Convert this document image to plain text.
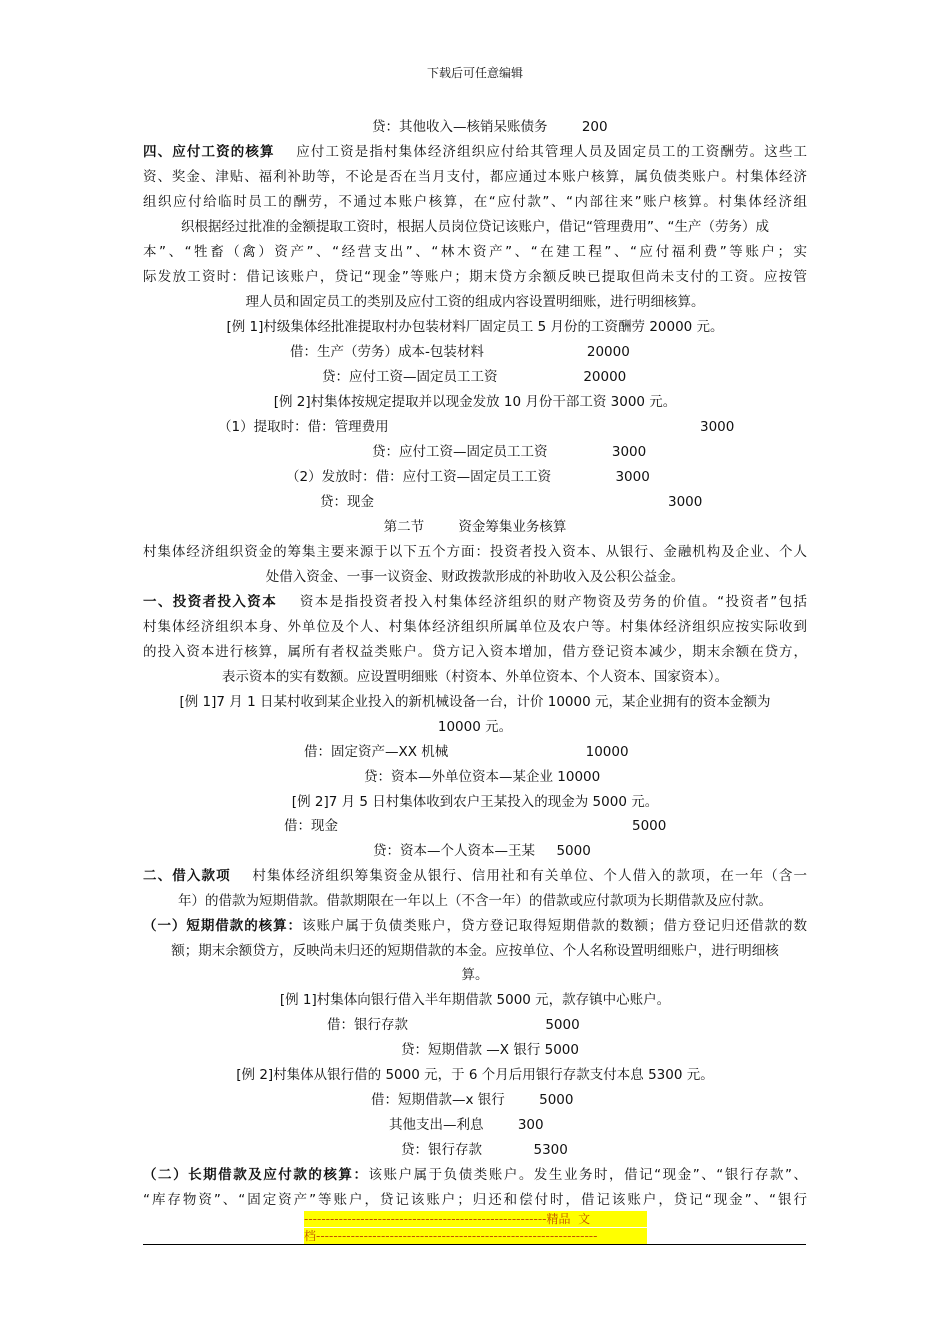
下载后可任意编辑
贷：其他收入—核销呆账债务        200
四、应付工资的核算    应付工资是指村集体经济组织应付给其管理人员及固定员工的工资酬劳。这些工
资、奖金、津贴、福利补助等，不论是否在当月支付，都应通过本账户核算，属负债类账户。村集体经济
组织应付给临时员工的酬劳，不通过本账户核算，在“应付款”、“内部往来”账户核算。村集体经济组
织根据经过批准的金额提取工资时，根据人员岗位贷记该账户，借记“管理费用”、“生产（劳务）成
本”、“牲畜（禽）资产”、“经营支出”、“林木资产”、“在建工程”、“应付福利费”等账户；实
际发放工资时：借记该账户，贷记“现金”等账户；期末贷方余额反映已提取但尚未支付的工资。应按管
理人员和固定员工的类别及应付工资的组成内容设置明细账，进行明细核算。
[例 1]村级集体经批准提取村办包装材料厂固定员工 5 月份的工资酬劳 20000 元。
借：生产（劳务）成本-包装材料                        20000
贷：应付工资—固定员工工资                    20000
[例 2]村集体按规定提取并以现金发放 10 月份干部工资 3000 元。
（1）提取时：借：管理费用
贷：应付工资—固定员工工资               3000
（2）发放时：借：应付工资—固定员工工资               3000
贷：现金
第二节        资金筹集业务核算
村集体经济组织资金的筹集主要来源于以下五个方面：投资者投入资本、从银行、金融机构及企业、个人
处借入资金、一事一议资金、财政拨款形成的补助收入及公积公益金。
一、投资者投入资本    资本是指投资者投入村集体经济组织的财产物资及劳务的价值。“投资者”包括
村集体经济组织本身、外单位及个人、村集体经济组织所属单位及农户等。村集体经济组织应按实际收到
的投入资本进行核算，属所有者权益类账户。贷方记入资本增加，借方登记资本减少，期末余额在贷方，
表示资本的实有数额。应设置明细账（村资本、外单位资本、个人资本、国家资本）。
[例 1]7 月 1 日某村收到某企业投入的新机械设备一台，计价 10000 元，某企业拥有的资本金额为
10000 元。
借：固定资产—XX 机械                                10000
贷：资本—外单位资本—某企业 10000
[例 2]7 月 5 日村集体收到农户王某投入的现金为 5000 元。
借：现金
贷：资本—个人资本—王某     5000
二、借入款项    村集体经济组织筹集资金从银行、信用社和有关单位、个人借入的款项，在一年（含一
年）的借款为短期借款。借款期限在一年以上（不含一年）的借款或应付款项为长期借款及应付款。
（一）短期借款的核算：该账户属于负债类账户，贷方登记取得短期借款的数额；借方登记归还借款的数
额；期末余额贷方，反映尚未归还的短期借款的本金。应按单位、个人名称设置明细账户，进行明细核
算。
[例 1]村集体向银行借入半年期借款 5000 元，款存镇中心账户。
借：银行存款                                5000
贷：短期借款 —X 银行 5000
[例 2]村集体从银行借的 5000 元，于 6 个月后用银行存款支付本息 5300 元。
借：短期借款—x 银行        5000
其他支出—利息        300
贷：银行存款            5300
（二）长期借款及应付款的核算：该账户属于负债类账户。发生业务时，借记“现金”、“银行存款”、
“库存物资”、“固定资产”等账户，贷记该账户；归还和偿付时，借记该账户，贷记“现金”、“银行
3000
3000
5000
--------------------------------------------------------精品  文
档-----------------------------------------------------------------
